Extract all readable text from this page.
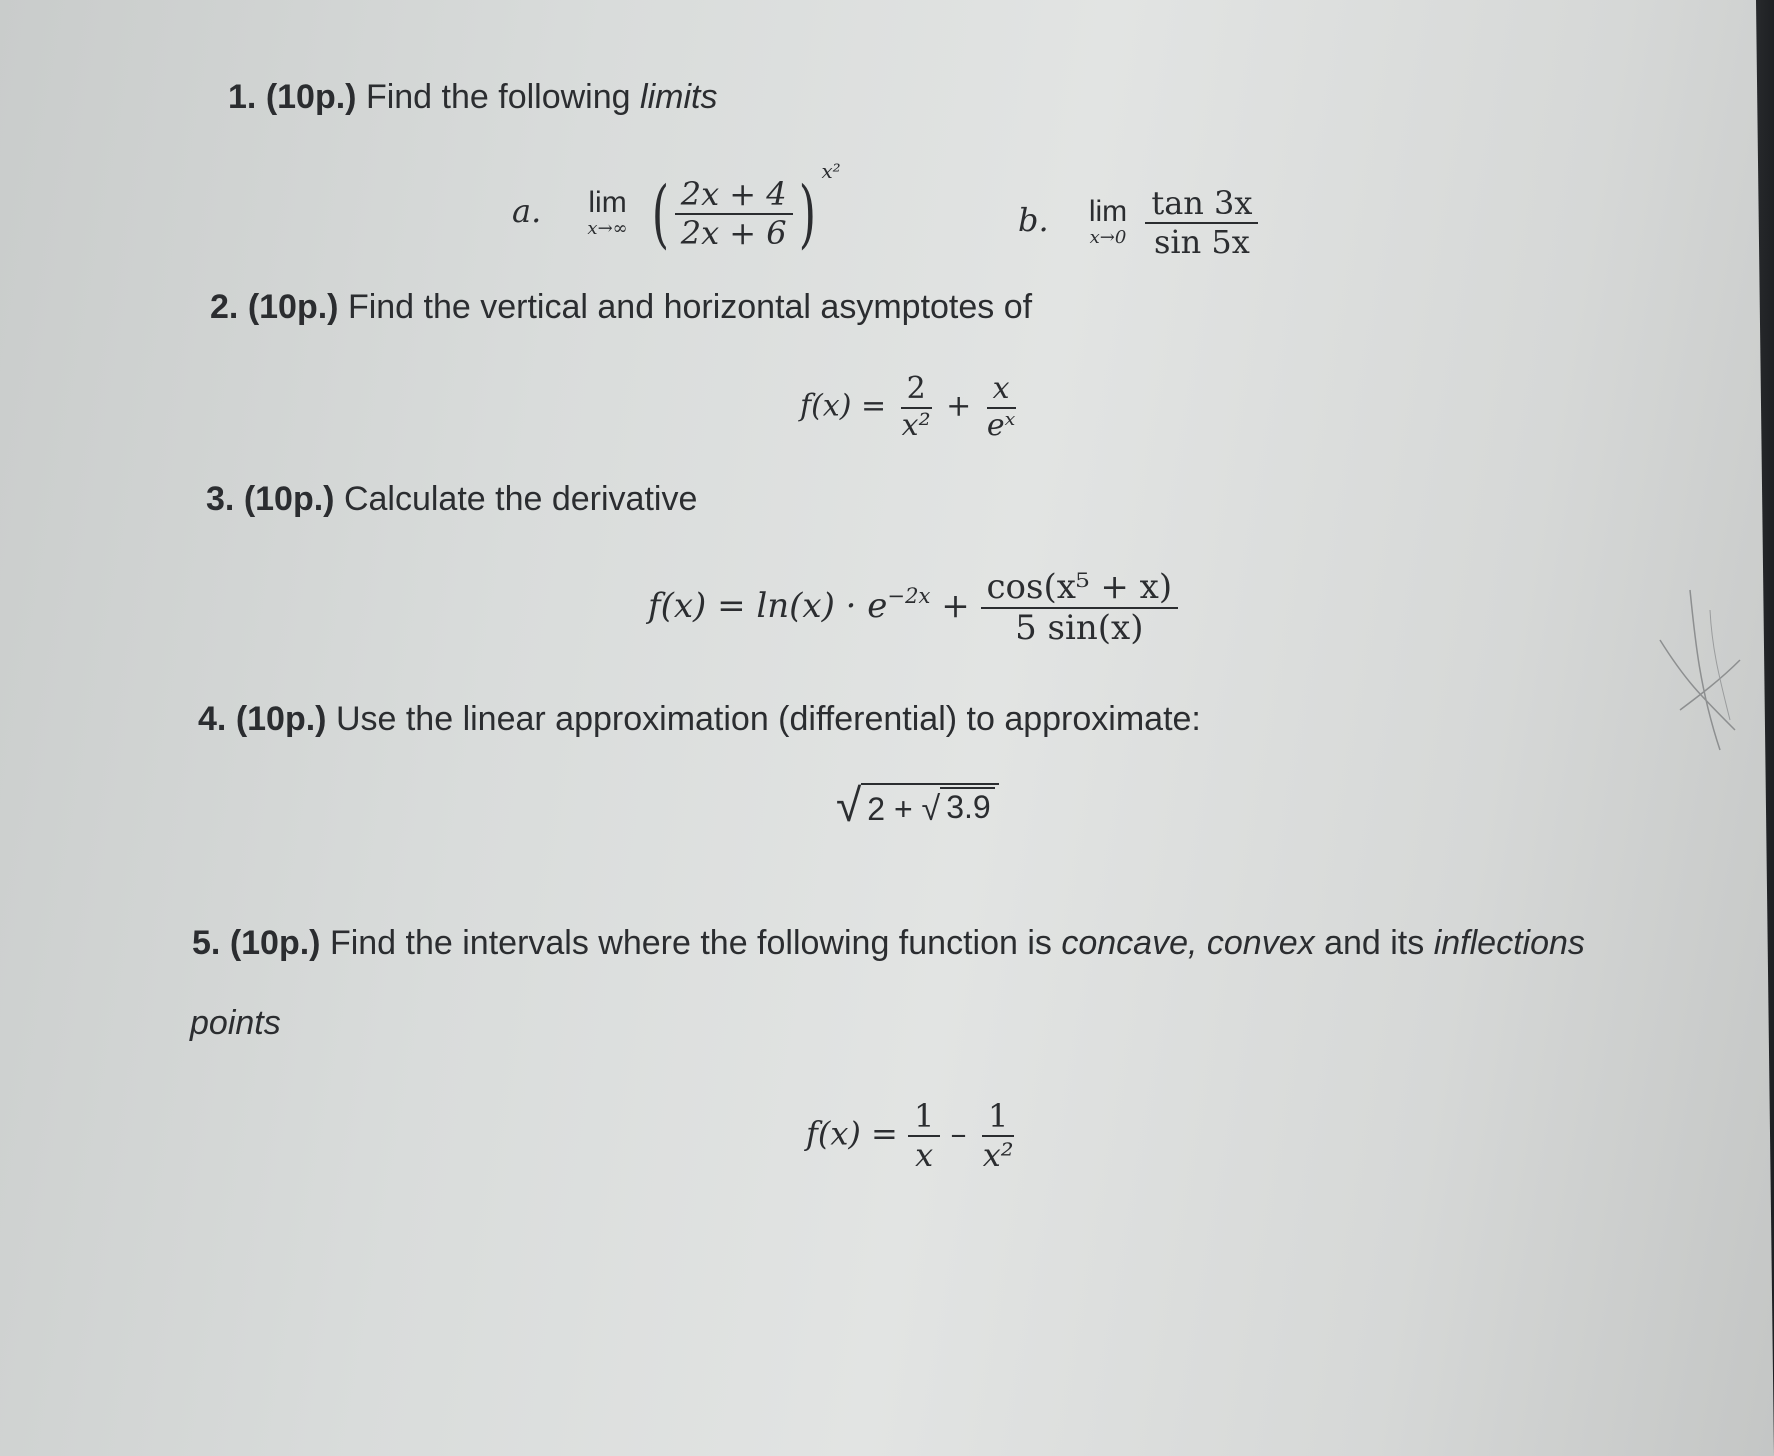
1. (10p.) Find the following limits
a. lim
x→∞ ( $\frac{2x + 4}{2x + 6}$ ) $^{x^2}$
b. lim
x→0
$\frac{\tan 3x}{\sin 5x}$
2. (10p.) Find the vertical and horizontal asymptotes of
$f(x) = \frac{2}{\text{x²}} + \frac{x}{\text{eˣ}}$
3. (10p.) Calculate the derivative
$f(x) = \ln(x) \cdot e^{-2x} + \frac{\text{cos(x⁵ + x)}}{5 \sin(x)}$
4. (10p.) Use the linear approximation (differential) to approximate:
√ 2 + √ 3.9
5. (10p.) Find the intervals where the following function is concave, convex and its inflections
points
$f(x) = \frac{1}{x} - \frac{1}{\text{x²}}$
